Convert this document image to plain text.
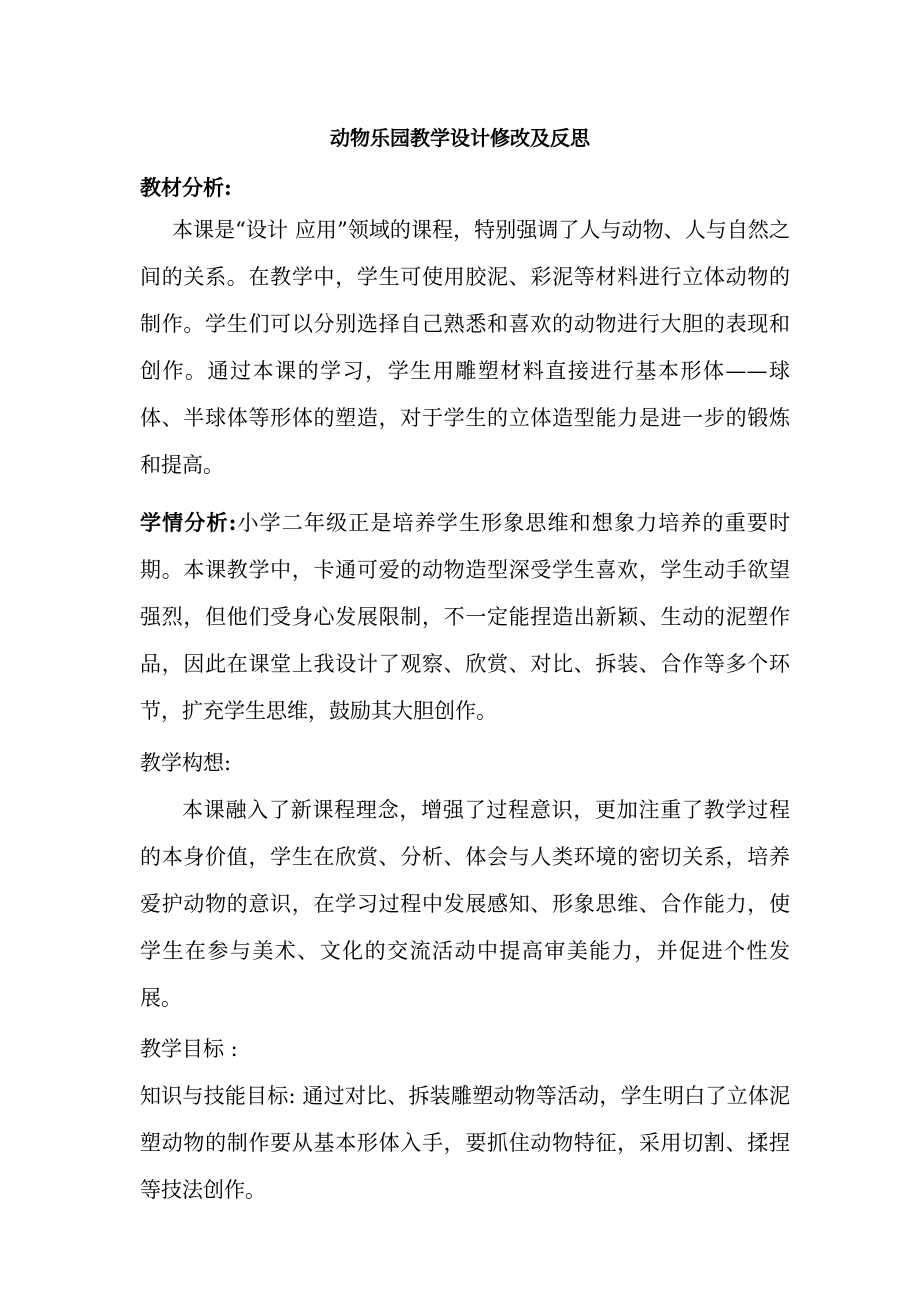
动物乐园教学设计修改及反思
教材分析:
本课是“设计 应用”领域的课程，特别强调了人与动物、人与自然之间的关系。在教学中，学生可使用胶泥、彩泥等材料进行立体动物的制作。学生们可以分别选择自己熟悉和喜欢的动物进行大胆的表现和创作。通过本课的学习，学生用雕塑材料直接进行基本形体——球体、半球体等形体的塑造，对于学生的立体造型能力是进一步的锻炼和提高。
学情分析:小学二年级正是培养学生形象思维和想象力培养的重要时期。本课教学中，卡通可爱的动物造型深受学生喜欢，学生动手欲望强烈，但他们受身心发展限制，不一定能捏造出新颖、生动的泥塑作品，因此在课堂上我设计了观察、欣赏、对比、拆装、合作等多个环节，扩充学生思维，鼓励其大胆创作。
教学构想:
本课融入了新课程理念，增强了过程意识，更加注重了教学过程的本身价值，学生在欣赏、分析、体会与人类环境的密切关系，培养爱护动物的意识，在学习过程中发展感知、形象思维、合作能力，使学生在参与美术、文化的交流活动中提高审美能力，并促进个性发展。
教学目标 :
知识与技能目标: 通过对比、拆装雕塑动物等活动，学生明白了立体泥塑动物的制作要从基本形体入手，要抓住动物特征，采用切割、揉捏等技法创作。
